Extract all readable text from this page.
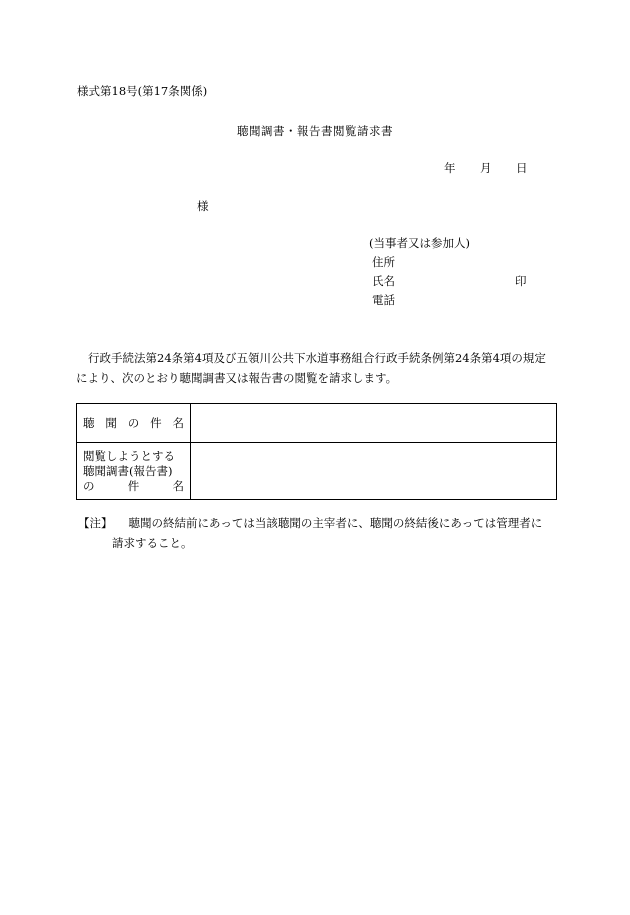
様式第18号(第17条関係)
聴聞調書・報告書閲覧請求書
年 月 日
様
(当事者又は参加人)
住所
氏名	印
電話

行政手続法第24条第4項及び五領川公共下水道事務組合行政手続条例第24条第4項の規定

により、次のとおり聴聞調書又は報告書の閲覧を請求します。

聴 聞 の 件 名	

閲覧しようとする
聴聞調書(報告書)
の 件 名	

【注】 聴聞の終結前にあっては当該聴聞の主宰者に、聴聞の終結後にあっては管理者に
請求すること。
